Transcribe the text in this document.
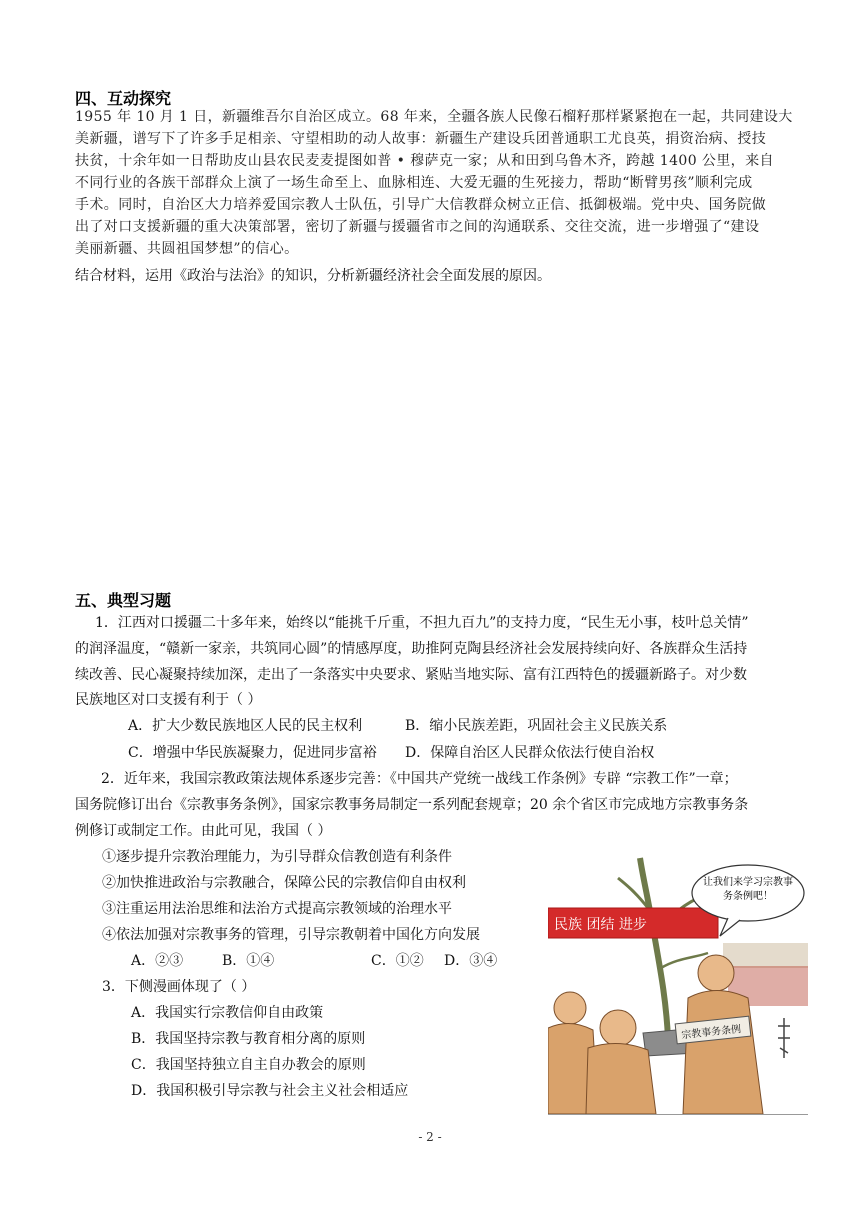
四、互动探究
1955 年 10 月 1 日，新疆维吾尔自治区成立。68 年来，全疆各族人民像石榴籽那样紧紧抱在一起，共同建设大
美新疆，谱写下了许多手足相亲、守望相助的动人故事：新疆生产建设兵团普通职工尤良英，捐资治病、授技
扶贫，十余年如一日帮助皮山县农民麦麦提图如普 • 穆萨克一家；从和田到乌鲁木齐，跨越 1400 公里，来自
不同行业的各族干部群众上演了一场生命至上、血脉相连、大爱无疆的生死接力，帮助“断臂男孩”顺利完成
手术。同时，自治区大力培养爱国宗教人士队伍，引导广大信教群众树立正信、抵御极端。党中央、国务院做
出了对口支援新疆的重大决策部署，密切了新疆与援疆省市之间的沟通联系、交往交流，进一步增强了“建设
美丽新疆、共圆祖国梦想”的信心。
结合材料，运用《政治与法治》的知识，分析新疆经济社会全面发展的原因。
五、典型习题
1．江西对口援疆二十多年来，始终以“能挑千斤重，不担九百九”的支持力度，“民生无小事，枝叶总关情”
的润泽温度，“赣新一家亲，共筑同心圆”的情感厚度，助推阿克陶县经济社会发展持续向好、各族群众生活持
续改善、民心凝聚持续加深，走出了一条落实中央要求、紧贴当地实际、富有江西特色的援疆新路子。对少数
民族地区对口支援有利于（ ）
A．扩大少数民族地区人民的民主权利	B．缩小民族差距，巩固社会主义民族关系
C．增强中华民族凝聚力，促进同步富裕 D．保障自治区人民群众依法行使自治权
2．近年来，我国宗教政策法规体系逐步完善：《中国共产党统一战线工作条例》专辟 “宗教工作”一章；
国务院修订出台《宗教事务条例》，国家宗教事务局制定一系列配套规章；20 余个省区市完成地方宗教事务条
例修订或制定工作。由此可见，我国（ ）
①逐步提升宗教治理能力，为引导群众信教创造有利条件
②加快推进政治与宗教融合，保障公民的宗教信仰自由权利
③注重运用法治思维和法治方式提高宗教领域的治理水平
④依法加强对宗教事务的管理，引导宗教朝着中国化方向发展
A．②③	B．①④	C．①② D．③④
3．下侧漫画体现了（ ）
A．我国实行宗教信仰自由政策
B．我国坚持宗教与教育相分离的原则
C．我国坚持独立自主自办教会的原则
D．我国积极引导宗教与社会主义社会相适应
民族 团结 进步
让我们来学习宗教事务条例吧！
宗教事务条例
- 2 -
